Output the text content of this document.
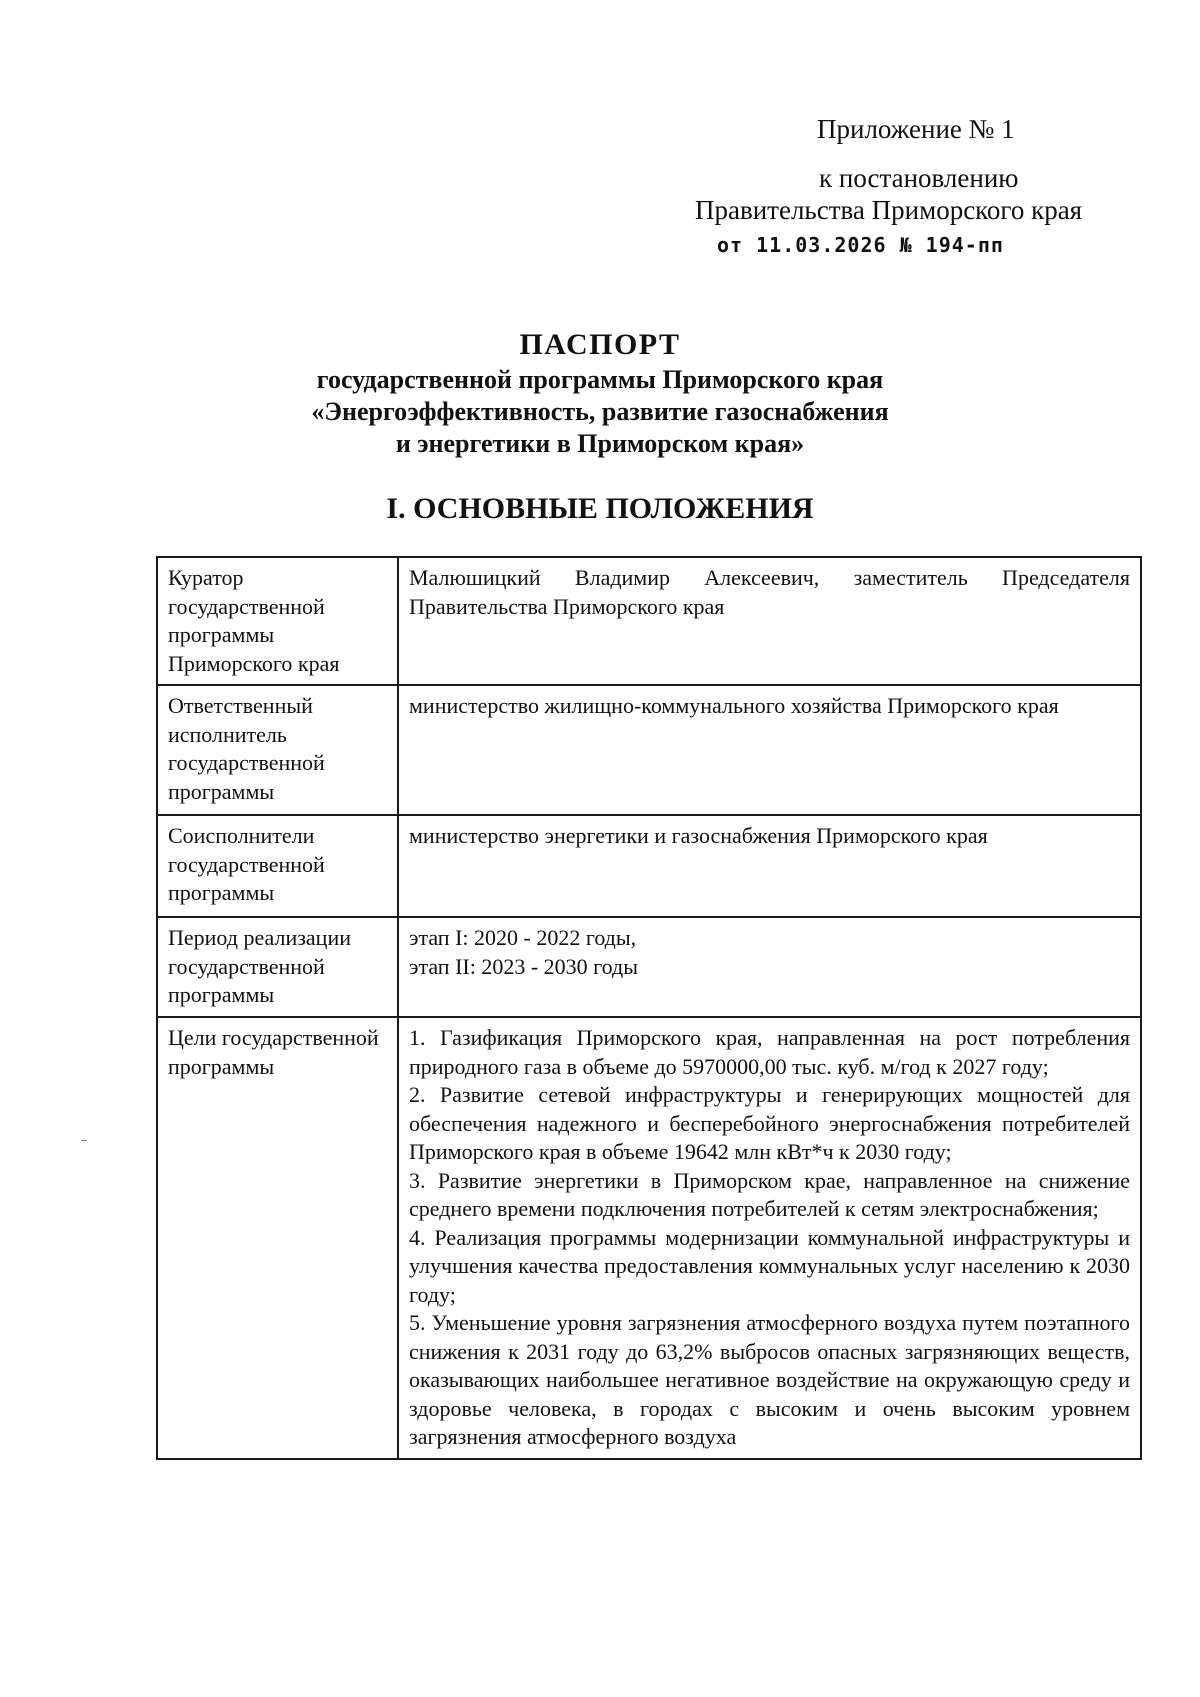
Приложение № 1
к постановлению
Правительства Приморского края
от 11.03.2026 № 194-пп
ПАСПОРТ
государственной программы Приморского края
«Энергоэффективность, развитие газоснабжения
и энергетики в Приморском края»
I. ОСНОВНЫЕ ПОЛОЖЕНИЯ
Куратор государственной программы Приморского края	Малюшицкий Владимир Алексеевич, заместитель Председателя Правительства Приморского края
Ответственный исполнитель государственной программы	министерство жилищно-коммунального хозяйства Приморского края
Соисполнители государственной программы	министерство энергетики и газоснабжения Приморского края
Период реализации государственной программы	этап I: 2020 - 2022 годы,
этап II: 2023 - 2030 годы

Цели государственной программы	1. Газификация Приморского края, направленная на рост потребления природного газа в объеме до 5970000,00 тыс. куб. м/год к 2027 году;
2. Развитие сетевой инфраструктуры и генерирующих мощностей для обеспечения надежного и бесперебойного энергоснабжения потребителей Приморского края в объеме 19642 млн кВт*ч к 2030 году;
3. Развитие энергетики в Приморском крае, направленное на снижение среднего времени подключения потребителей к сетям электроснабжения;
4. Реализация программы модернизации коммунальной инфраструктуры и улучшения качества предоставления коммунальных услуг населению к 2030 году;
5. Уменьшение уровня загрязнения атмосферного воздуха путем поэтапного снижения к 2031 году до 63,2% выбросов опасных загрязняющих веществ, оказывающих наибольшее негативное воздействие на окружающую среду и здоровье человека, в городах с высоким и очень высоким уровнем загрязнения атмосферного воздуха
